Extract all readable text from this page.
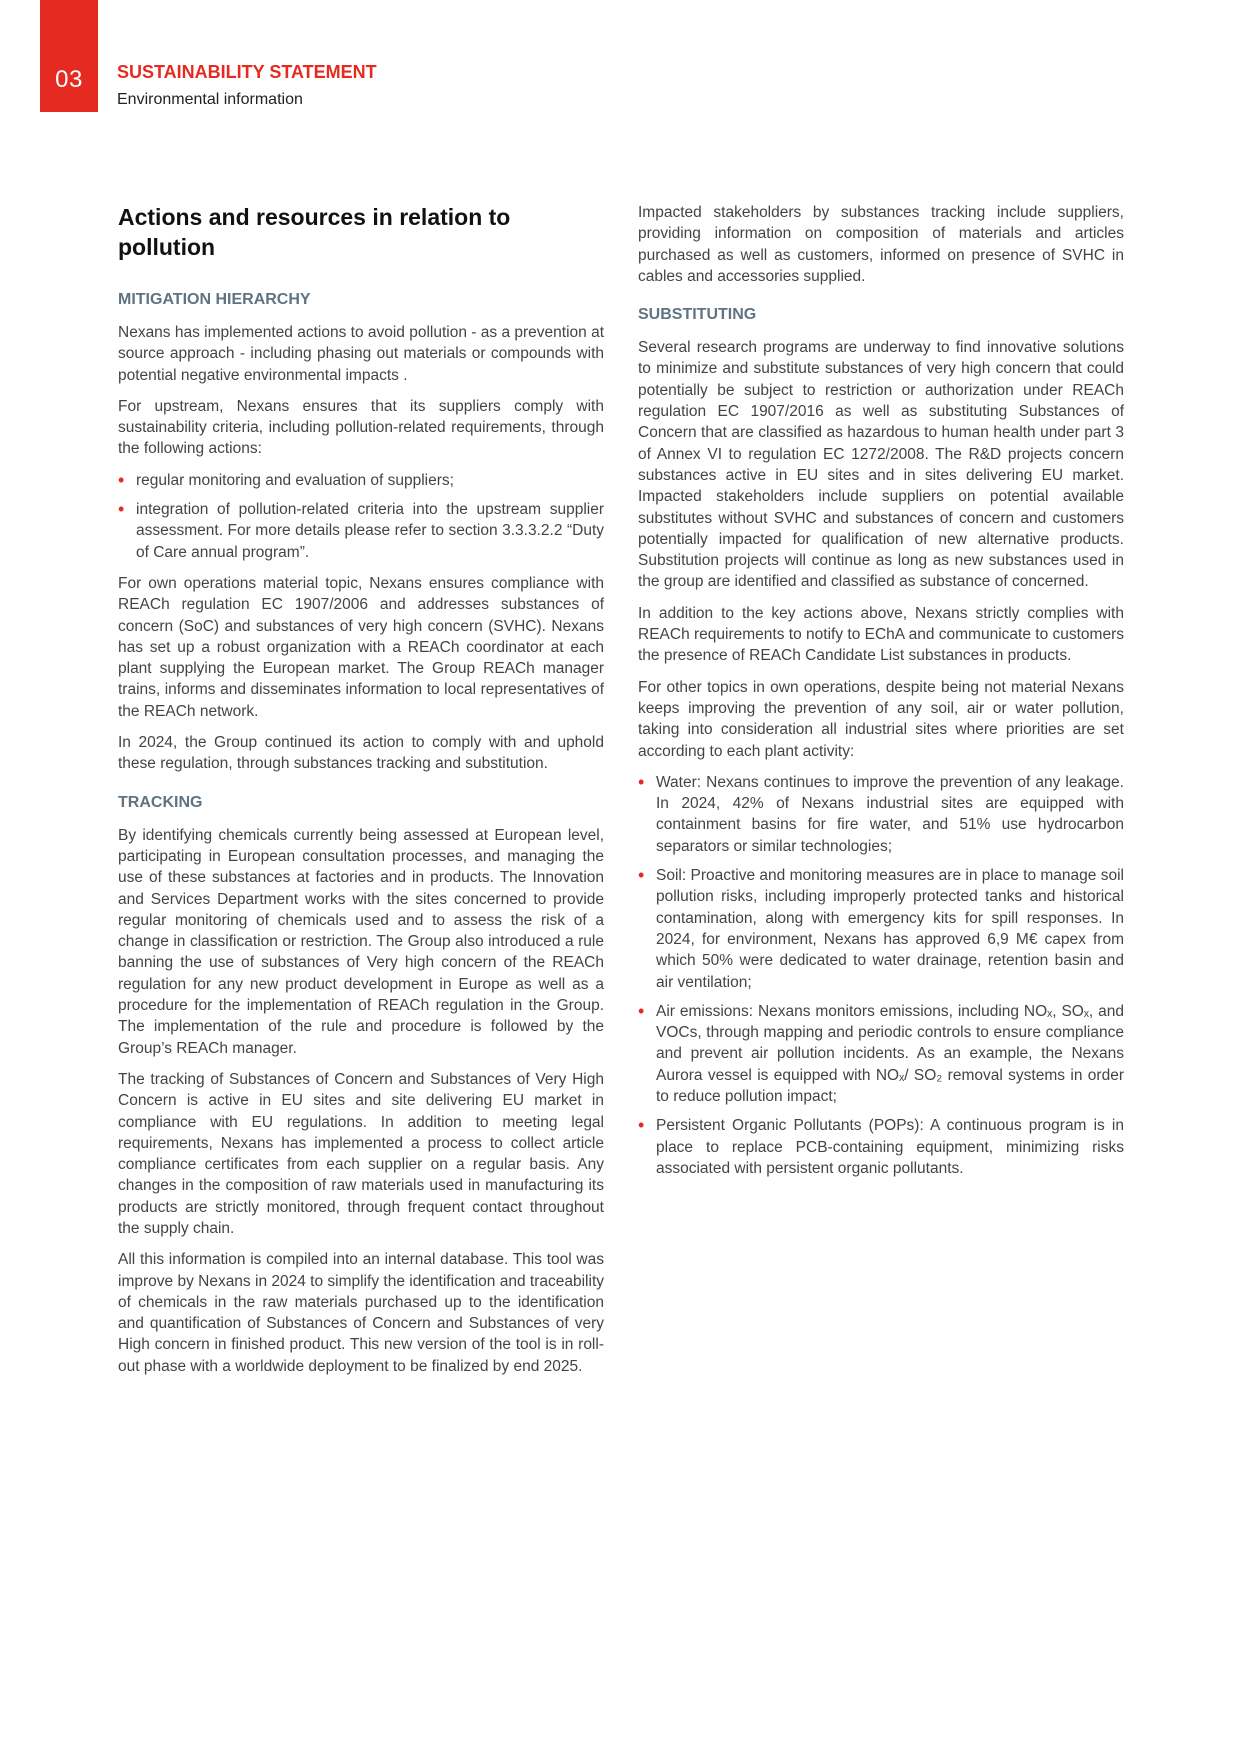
03	SUSTAINABILITY STATEMENT
Environmental information
Actions and resources in relation to pollution
MITIGATION HIERARCHY

Nexans has implemented actions to avoid pollution - as a prevention at source approach - including phasing out materials or compounds with potential negative environmental impacts .

For upstream, Nexans ensures that its suppliers comply with sustainability criteria, including pollution-related requirements, through the following actions:

• regular monitoring and evaluation of suppliers;
• integration of pollution-related criteria into the upstream supplier assessment. For more details please refer to section 3.3.3.2.2 “Duty of Care annual program”.

For own operations material topic, Nexans ensures compliance with REACh regulation EC 1907/2006 and addresses substances of concern (SoC) and substances of very high concern (SVHC). Nexans has set up a robust organization with a REACh coordinator at each plant supplying the European market. The Group REACh manager trains, informs and disseminates information to local representatives of the REACh network.

In 2024, the Group continued its action to comply with and uphold these regulation, through substances tracking and substitution.

TRACKING

By identifying chemicals currently being assessed at European level, participating in European consultation processes, and managing the use of these substances at factories and in products. The Innovation and Services Department works with the sites concerned to provide regular monitoring of chemicals used and to assess the risk of a change in classification or restriction. The Group also introduced a rule banning the use of substances of Very high concern of the REACh regulation for any new product development in Europe as well as a procedure for the implementation of REACh regulation in the Group. The implementation of the rule and procedure is followed by the Group’s REACh manager.

The tracking of Substances of Concern and Substances of Very High Concern is active in EU sites and site delivering EU market in compliance with EU regulations. In addition to meeting legal requirements, Nexans has implemented a process to collect article compliance certificates from each supplier on a regular basis. Any changes in the composition of raw materials used in manufacturing its products are strictly monitored, through frequent contact throughout the supply chain.

All this information is compiled into an internal database. This tool was improve by Nexans in 2024 to simplify the identification and traceability of chemicals in the raw materials purchased up to the identification and quantification of Substances of Concern and Substances of very High concern in finished product. This new version of the tool is in roll-out phase with a worldwide deployment to be finalized by end 2025.

Impacted stakeholders by substances tracking include suppliers, providing information on composition of materials and articles purchased as well as customers, informed on presence of SVHC in cables and accessories supplied.

SUBSTITUTING

Several research programs are underway to find innovative solutions to minimize and substitute substances of very high concern that could potentially be subject to restriction or authorization under REACh regulation EC 1907/2016 as well as substituting Substances of Concern that are classified as hazardous to human health under part 3 of Annex VI to regulation EC 1272/2008. The R&D projects concern substances active in EU sites and in sites delivering EU market. Impacted stakeholders include suppliers on potential available substitutes without SVHC and substances of concern and customers potentially impacted for qualification of new alternative products. Substitution projects will continue as long as new substances used in the group are identified and classified as substance of concerned.

In addition to the key actions above, Nexans strictly complies with REACh requirements to notify to EChA and communicate to customers the presence of REACh Candidate List substances in products.

For other topics in own operations, despite being not material Nexans keeps improving the prevention of any soil, air or water pollution, taking into consideration all industrial sites where priorities are set according to each plant activity:

• Water: Nexans continues to improve the prevention of any leakage. In 2024, 42% of Nexans industrial sites are equipped with containment basins for fire water, and 51% use hydrocarbon separators or similar technologies;
• Soil: Proactive and monitoring measures are in place to manage soil pollution risks, including improperly protected tanks and historical contamination, along with emergency kits for spill responses. In 2024, for environment, Nexans has approved 6,9 M€ capex from which 50% were dedicated to water drainage, retention basin and air ventilation;
• Air emissions: Nexans monitors emissions, including NOₓ, SOₓ, and VOCs, through mapping and periodic controls to ensure compliance and prevent air pollution incidents. As an example, the Nexans Aurora vessel is equipped with NOₓ/ SO₂ removal systems in order to reduce pollution impact;
• Persistent Organic Pollutants (POPs): A continuous program is in place to replace PCB-containing equipment, minimizing risks associated with persistent organic pollutants.
